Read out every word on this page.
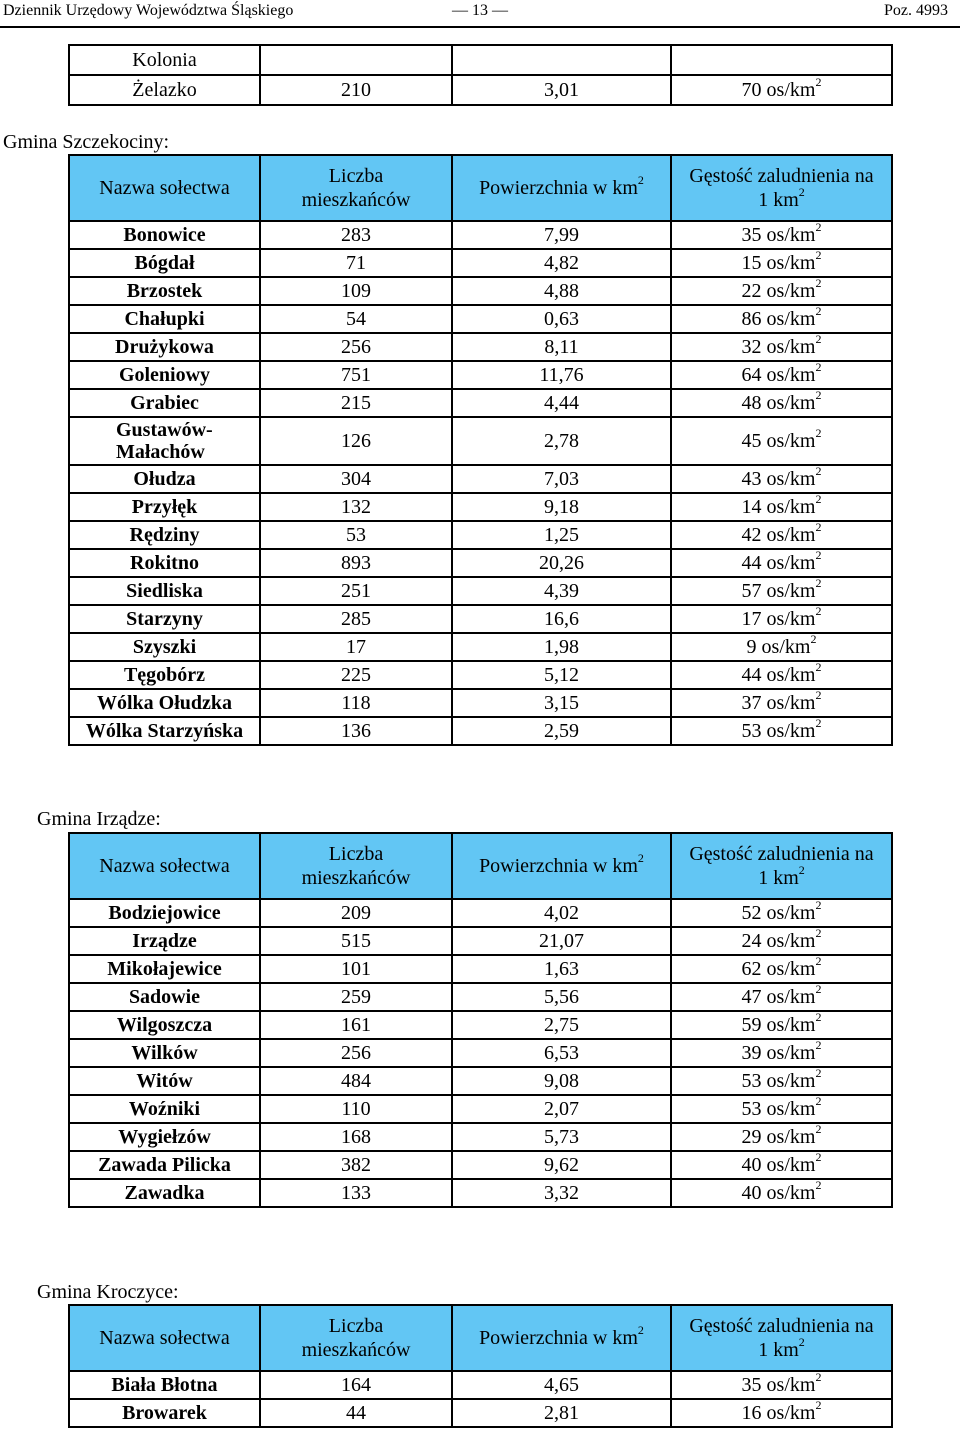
Dziennik Urzędowy Województwa Śląskiego	— 13 —	Poz. 4993
Kolonia			
Żelazko	210	3,01	70 $os/km^2$
Gmina Szczekociny:
Nazwa sołectwa	Liczba mieszkańców	Powierzchnia w $km^2$	Gęstość zaludnienia na 1 $km^2$
Bonowice	283	7,99	35 $os/km^2$
Bógdał	71	4,82	15 $os/km^2$
Brzostek	109	4,88	22 $os/km^2$
Chałupki	54	0,63	86 $os/km^2$
Drużykowa	256	8,11	32 $os/km^2$
Goleniowy	751	11,76	64 $os/km^2$
Grabiec	215	4,44	48 $os/km^2$
Gustawów-Małachów	126	2,78	45 $os/km^2$
Ołudza	304	7,03	43 $os/km^2$
Przyłęk	132	9,18	14 $os/km^2$
Rędziny	53	1,25	42 $os/km^2$
Rokitno	893	20,26	44 $os/km^2$
Siedliska	251	4,39	57 $os/km^2$
Starzyny	285	16,6	17 $os/km^2$
Szyszki	17	1,98	9 $os/km^2$
Tęgobórz	225	5,12	44 $os/km^2$
Wólka Ołudzka	118	3,15	37 $os/km^2$
Wólka Starzyńska	136	2,59	53 $os/km^2$
Gmina Irządze:
Nazwa sołectwa	Liczba mieszkańców	Powierzchnia w $km^2$	Gęstość zaludnienia na 1 $km^2$
Bodziejowice	209	4,02	52 $os/km^2$
Irządze	515	21,07	24 $os/km^2$
Mikołajewice	101	1,63	62 $os/km^2$
Sadowie	259	5,56	47 $os/km^2$
Wilgoszcza	161	2,75	59 $os/km^2$
Wilków	256	6,53	39 $os/km^2$
Witów	484	9,08	53 $os/km^2$
Woźniki	110	2,07	53 $os/km^2$
Wygiełzów	168	5,73	29 $os/km^2$
Zawada Pilicka	382	9,62	40 $os/km^2$
Zawadka	133	3,32	40 $os/km^2$
Gmina Kroczyce:
Nazwa sołectwa	Liczba mieszkańców	Powierzchnia w $km^2$	Gęstość zaludnienia na 1 $km^2$
Biała Błotna	164	4,65	35 $os/km^2$
Browarek	44	2,81	16 $os/km^2$
